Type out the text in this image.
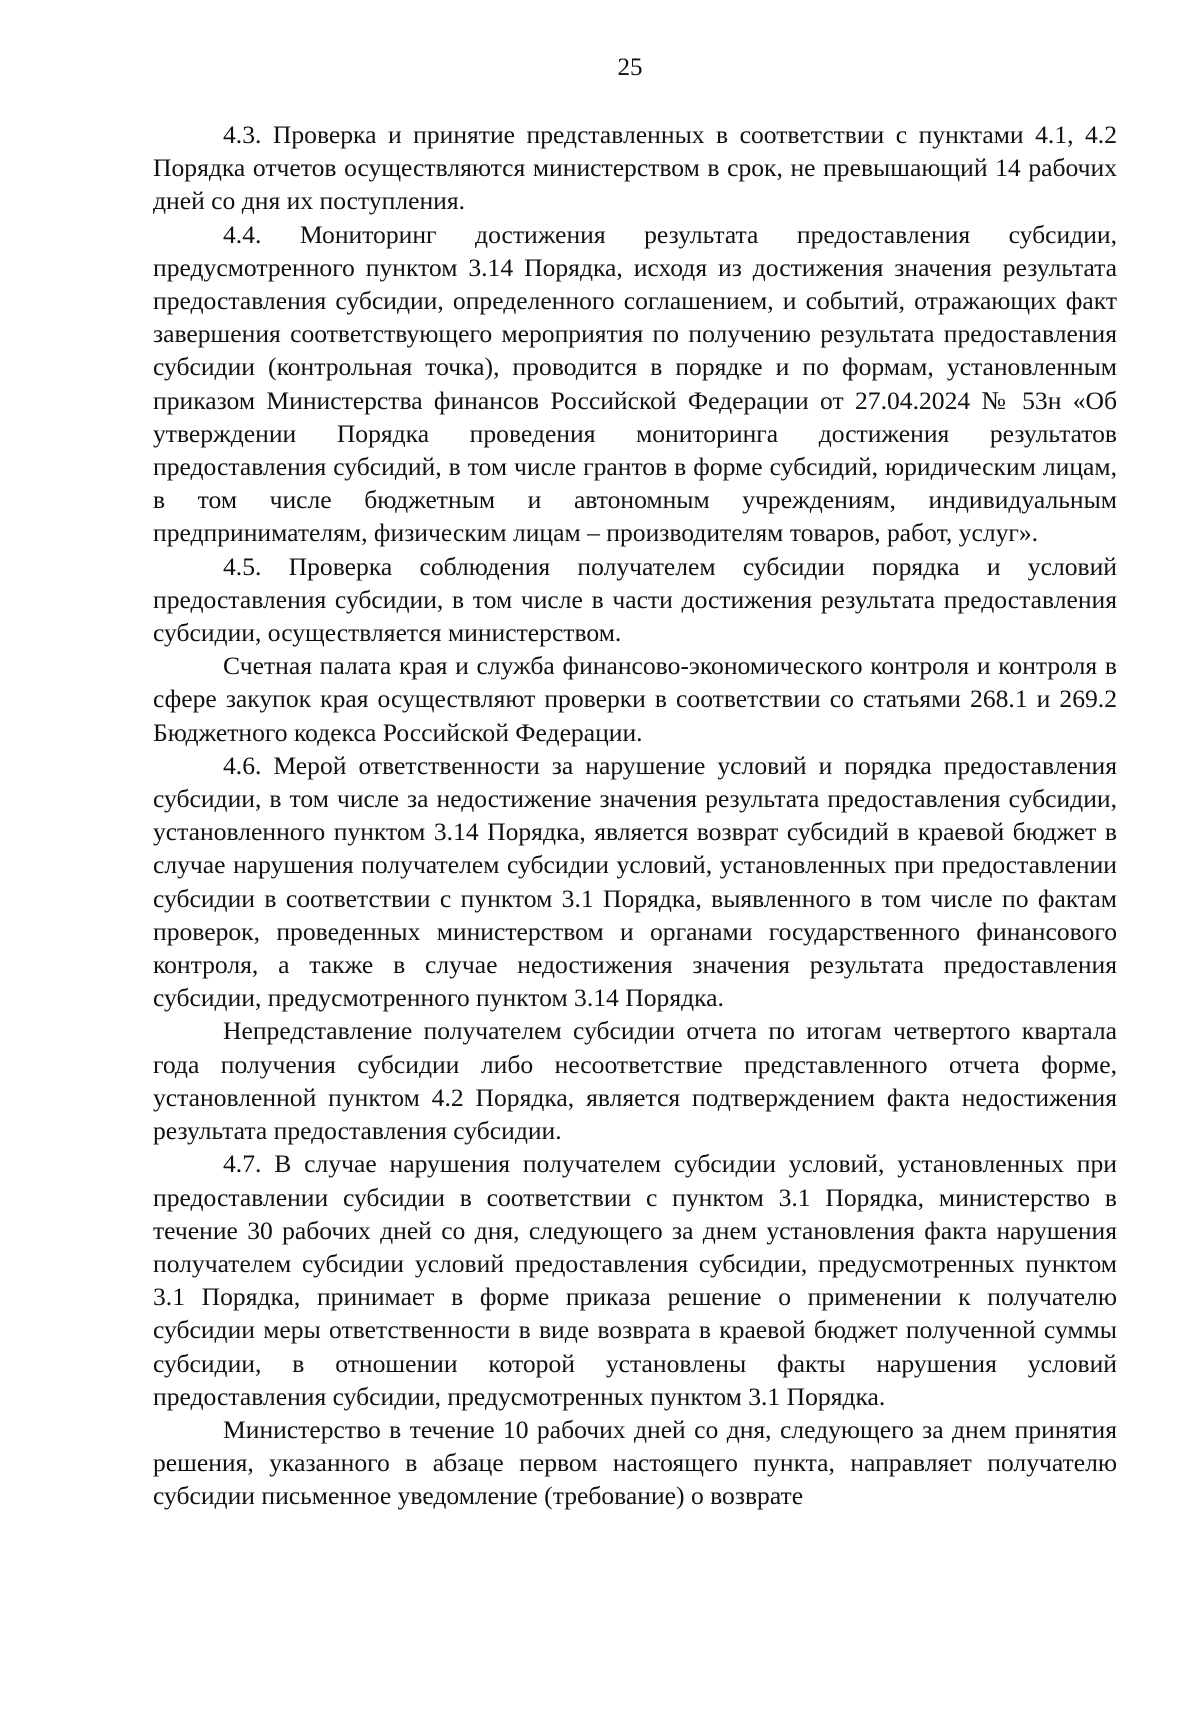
25

4.3. Проверка и принятие представленных в соответствии с пунктами 4.1, 4.2 Порядка отчетов осуществляются министерством в срок, не превышающий 14 рабочих дней со дня их поступления.

4.4. Мониторинг достижения результата предоставления субсидии, предусмотренного пунктом 3.14 Порядка, исходя из достижения значения результата предоставления субсидии, определенного соглашением, и событий, отражающих факт завершения соответствующего мероприятия по получению результата предоставления субсидии (контрольная точка), проводится в порядке и по формам, установленным приказом Министерства финансов Российской Федерации от 27.04.2024 № 53н «Об утверждении Порядка проведения мониторинга достижения результатов предоставления субсидий, в том числе грантов в форме субсидий, юридическим лицам, в том числе бюджетным и автономным учреждениям, индивидуальным предпринимателям, физическим лицам – производителям товаров, работ, услуг».

4.5. Проверка соблюдения получателем субсидии порядка и условий предоставления субсидии, в том числе в части достижения результата предоставления субсидии, осуществляется министерством.

Счетная палата края и служба финансово-экономического контроля и контроля в сфере закупок края осуществляют проверки в соответствии со статьями 268.1 и 269.2 Бюджетного кодекса Российской Федерации.

4.6. Мерой ответственности за нарушение условий и порядка предоставления субсидии, в том числе за недостижение значения результата предоставления субсидии, установленного пунктом 3.14 Порядка, является возврат субсидий в краевой бюджет в случае нарушения получателем субсидии условий, установленных при предоставлении субсидии в соответствии с пунктом 3.1 Порядка, выявленного в том числе по фактам проверок, проведенных министерством и органами государственного финансового контроля, а также в случае недостижения значения результата предоставления субсидии, предусмотренного пунктом 3.14 Порядка.

Непредставление получателем субсидии отчета по итогам четвертого квартала года получения субсидии либо несоответствие представленного отчета форме, установленной пунктом 4.2 Порядка, является подтверждением факта недостижения результата предоставления субсидии.

4.7. В случае нарушения получателем субсидии условий, установленных при предоставлении субсидии в соответствии с пунктом 3.1 Порядка, министерство в течение 30 рабочих дней со дня, следующего за днем установления факта нарушения получателем субсидии условий предоставления субсидии, предусмотренных пунктом 3.1 Порядка, принимает в форме приказа решение о применении к получателю субсидии меры ответственности в виде возврата в краевой бюджет полученной суммы субсидии, в отношении которой установлены факты нарушения условий предоставления субсидии, предусмотренных пунктом 3.1 Порядка.

Министерство в течение 10 рабочих дней со дня, следующего за днем принятия решения, указанного в абзаце первом настоящего пункта, направляет получателю субсидии письменное уведомление (требование) о возврате
